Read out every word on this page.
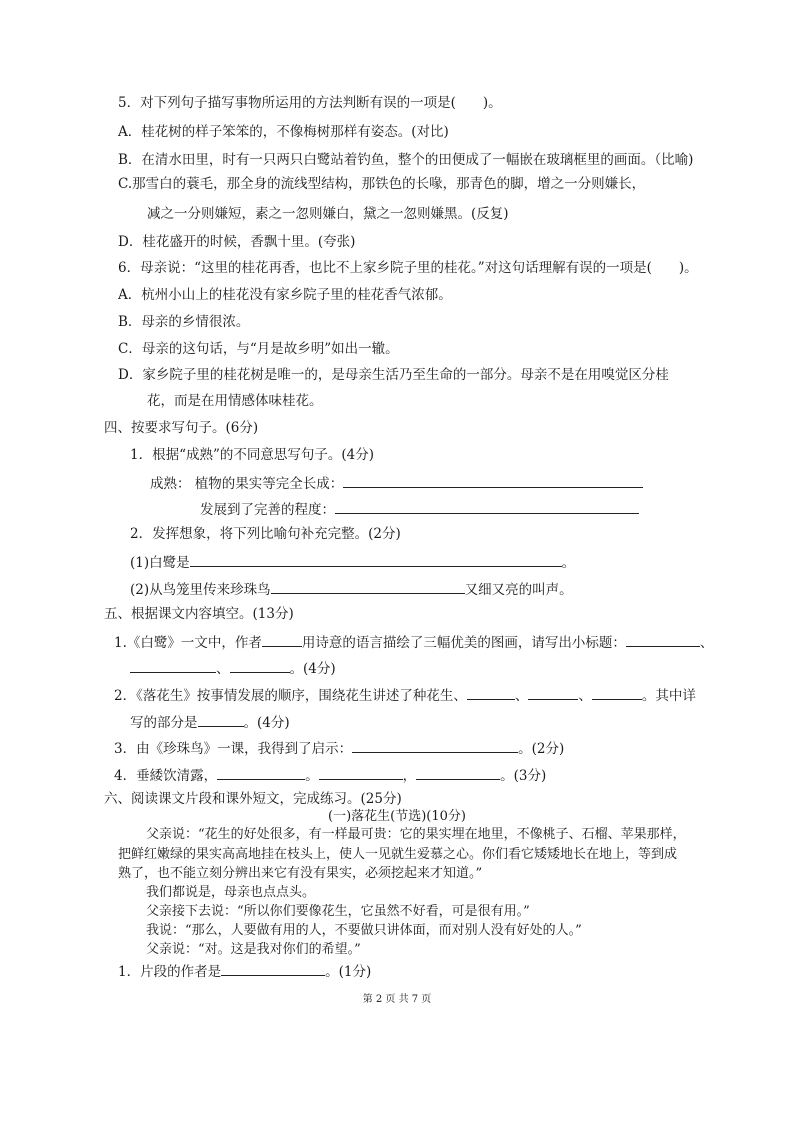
5．对下列句子描写事物所运用的方法判断有误的一项是(　　)。
A．桂花树的样子笨笨的，不像梅树那样有姿态。(对比)
B．在清水田里，时有一只两只白鹭站着钓鱼，整个的田便成了一幅嵌在玻璃框里的画面。（比喻)
C.那雪白的蓑毛，那全身的流线型结构，那铁色的长喙，那青色的脚，增之一分则嫌长，
减之一分则嫌短，素之一忽则嫌白，黛之一忽则嫌黑。(反复)
D．桂花盛开的时候，香飘十里。(夸张)
6．母亲说：“这里的桂花再香，也比不上家乡院子里的桂花。”对这句话理解有误的一项是(　　)。
A．杭州小山上的桂花没有家乡院子里的桂花香气浓郁。
B．母亲的乡情很浓。
C．母亲的这句话，与“月是故乡明”如出一辙。
D．家乡院子里的桂花树是唯一的，是母亲生活乃至生命的一部分。母亲不是在用嗅觉区分桂
花，而是在用情感体味桂花。
四、按要求写句子。(6分)
1．根据“成熟”的不同意思写句子。(4分)
成熟： 植物的果实等完全长成：
发展到了完善的程度：
2．发挥想象，将下列比喻句补充完整。(2分)
(1)白鹭是	。
(2)从鸟笼里传来珍珠鸟	又细又亮的叫声。
五、根据课文内容填空。(13分)
1.《白鹭》一文中，作者	用诗意的语言描绘了三幅优美的图画，请写出小标题：	、
、	。(4分)
2．《落花生》按事情发展的顺序，围绕花生讲述了种花生、	、	、	。其中详
写的部分是	。(4分)
3．由《珍珠鸟》一课，我得到了启示：	。(2分)
4．垂緌饮清露，	。	，	。(3分)
六、阅读课文片段和课外短文，完成练习。(25分)
(一)落花生(节选)(10分)
父亲说：“花生的好处很多，有一样最可贵：它的果实埋在地里，不像桃子、石榴、苹果那样，
把鲜红嫩绿的果实高高地挂在枝头上，使人一见就生爱慕之心。你们看它矮矮地长在地上，等到成
熟了，也不能立刻分辨出来它有没有果实，必须挖起来才知道。”
我们都说是，母亲也点点头。
父亲接下去说：“所以你们要像花生，它虽然不好看，可是很有用。”
我说：“那么，人要做有用的人，不要做只讲体面，而对别人没有好处的人。”
父亲说：“对。这是我对你们的希望。”
1．片段的作者是	。(1分)
第 2 页 共 7 页
